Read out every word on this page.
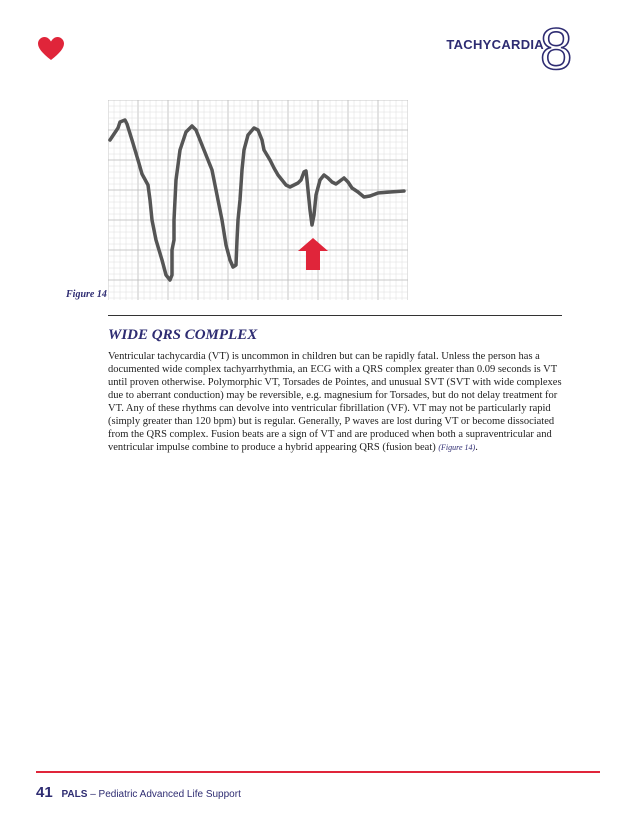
TACHYCARDIA
8
Figure 14
WIDE QRS COMPLEX

Ventricular tachycardia (VT) is uncommon in children but can be rapidly fatal. Unless the person has a documented wide complex tachyarrhythmia, an ECG with a QRS complex greater than 0.09 seconds is VT until proven otherwise. Polymorphic VT, Torsades de Pointes, and unusual SVT (SVT with wide complexes due to aberrant conduction) may be reversible, e.g. magnesium for Torsades, but do not delay treatment for VT. Any of these rhythms can devolve into ventricular fibrillation (VF). VT may not be particularly rapid (simply greater than 120 bpm) but is regular. Generally, P waves are lost during VT or become dissociated from the QRS complex. Fusion beats are a sign of VT and are produced when both a supraventricular and ventricular impulse combine to produce a hybrid appearing QRS (fusion beat) (Figure 14).

41 PALS – Pediatric Advanced Life Support
